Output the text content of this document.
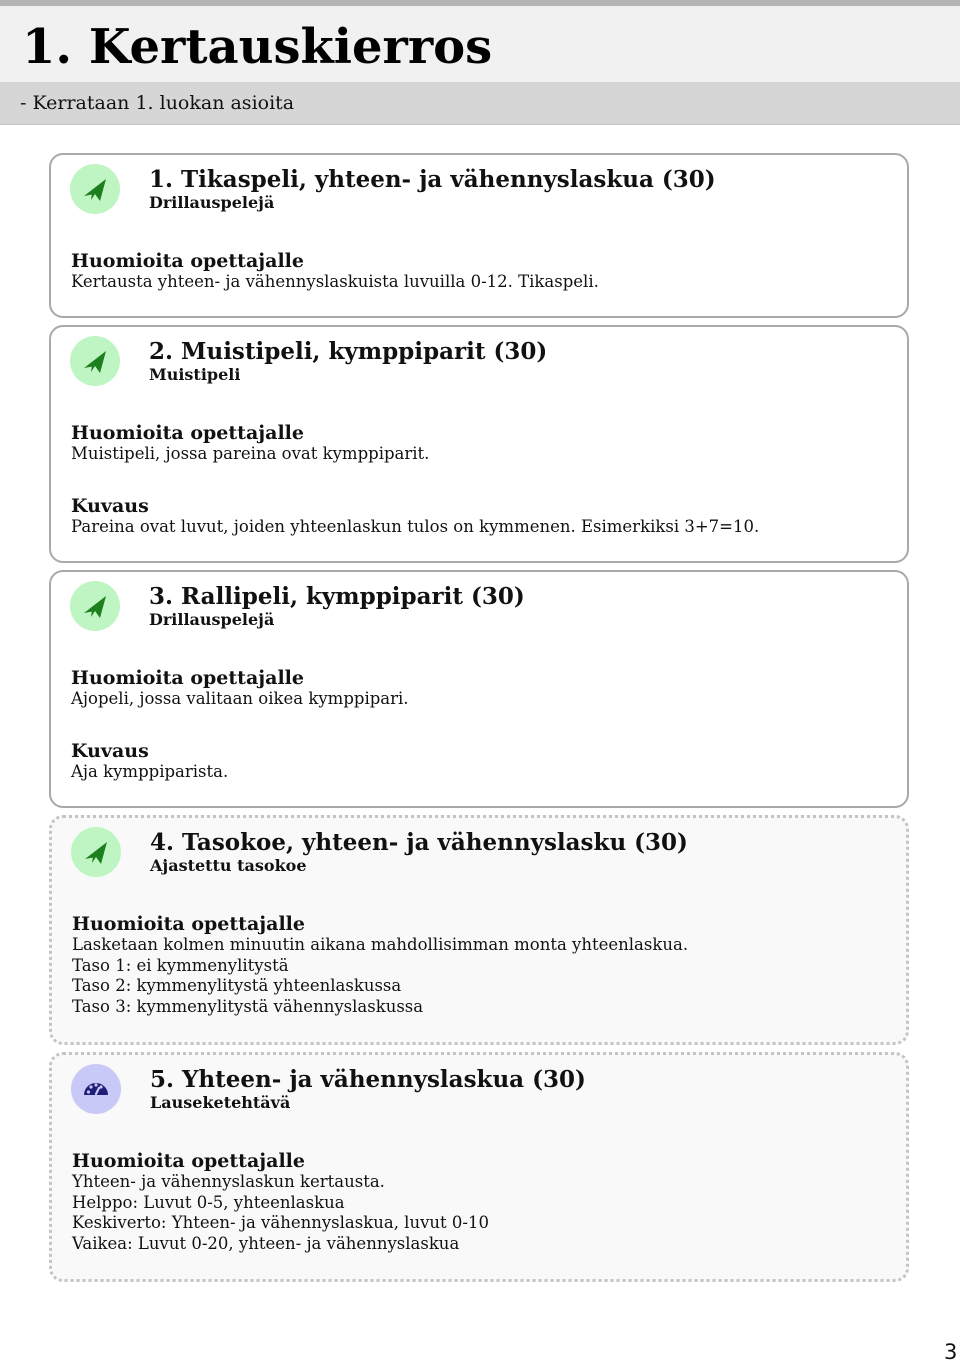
1. Kertauskierros
- Kerrataan 1. luokan asioita
1. Tikaspeli, yhteen- ja vähennyslaskua (30)
Drillauspelejä
Huomioita opettajalle
Kertausta yhteen- ja vähennyslaskuista luvuilla 0-12. Tikaspeli.
2. Muistipeli, kymppiparit (30)
Muistipeli
Huomioita opettajalle
Muistipeli, jossa pareina ovat kymppiparit.
Kuvaus
Pareina ovat luvut, joiden yhteenlaskun tulos on kymmenen. Esimerkiksi 3+7=10.
3. Rallipeli, kymppiparit (30)
Drillauspelejä
Huomioita opettajalle
Ajopeli, jossa valitaan oikea kymppipari.
Kuvaus
Aja kymppiparista.
4. Tasokoe, yhteen- ja vähennyslasku (30)
Ajastettu tasokoe
Huomioita opettajalle
Lasketaan kolmen minuutin aikana mahdollisimman monta yhteenlaskua.
Taso 1: ei kymmenylitystä
Taso 2: kymmenylitystä yhteenlaskussa
Taso 3: kymmenylitystä vähennyslaskussa
5. Yhteen- ja vähennyslaskua (30)
Lauseketehtävä
Huomioita opettajalle
Yhteen- ja vähennyslaskun kertausta.
Helppo: Luvut 0-5, yhteenlaskua
Keskiverto: Yhteen- ja vähennyslaskua, luvut 0-10
Vaikea: Luvut 0-20, yhteen- ja vähennyslaskua
3
